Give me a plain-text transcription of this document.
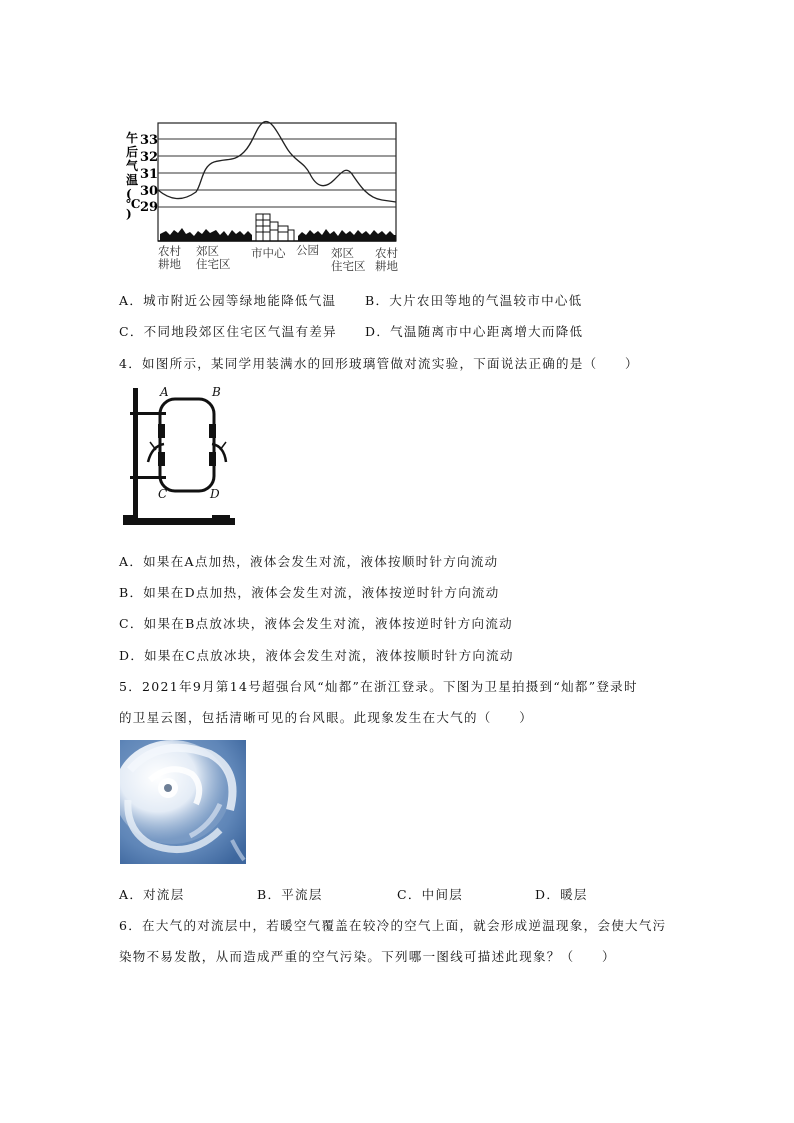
午
后
气
温
(
℃
)
33
32
31
30
29
农村
耕地
郊区
住宅区
市中心 公园 郊区
住宅区
农村
耕地
A．城市附近公园等绿地能降低气温 B．大片农田等地的气温较市中心低
C．不同地段郊区住宅区气温有差异 D．气温随离市中心距离增大而降低
4．如图所示，某同学用装满水的回形玻璃管做对流实验，下面说法正确的是（　　）
A	B
C	D
A．如果在A点加热，液体会发生对流，液体按顺时针方向流动
B．如果在D点加热，液体会发生对流，液体按逆时针方向流动
C．如果在B点放冰块，液体会发生对流，液体按逆时针方向流动
D．如果在C点放冰块，液体会发生对流，液体按顺时针方向流动
5．2021年9月第14号超强台风“灿都”在浙江登录。下图为卫星拍摄到“灿都”登录时
的卫星云图，包括清晰可见的台风眼。此现象发生在大气的（　　）
A．对流层	B．平流层	C．中间层	D．暖层
6．在大气的对流层中，若暖空气覆盖在较冷的空气上面，就会形成逆温现象，会使大气污
染物不易发散，从而造成严重的空气污染。下列哪一图线可描述此现象？（　　）
